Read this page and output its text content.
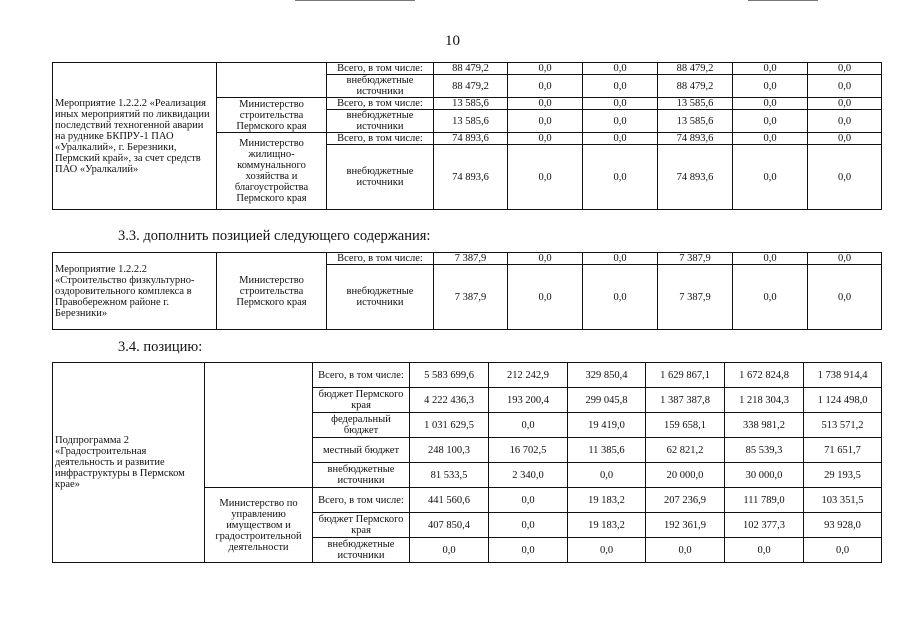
10
Мероприятие 1.2.2.2 «Реализация иных мероприятий по ликвидации последствий техногенной аварии на руднике БКПРУ-1 ПАО «Уралкалий», г. Березники, Пермский край», за счет средств ПАО «Уралкалий»		Всего, в том числе:	88 479,2	0,0	0,0	88 479,2	0,0	0,0
		внебюджетные источники	88 479,2	0,0	0,0	88 479,2	0,0	0,0
	Министерство строительства Пермского края	Всего, в том числе:	13 585,6	0,0	0,0	13 585,6	0,0	0,0
		внебюджетные источники	13 585,6	0,0	0,0	13 585,6	0,0	0,0
	Министерство жилищно-коммунального хозяйства и благоустройства Пермского края	Всего, в том числе:	74 893,6	0,0	0,0	74 893,6	0,0	0,0
		внебюджетные источники	74 893,6	0,0	0,0	74 893,6	0,0	0,0
3.3. дополнить позицией следующего содержания:
Мероприятие 1.2.2.2 «Строительство физкультурно-оздоровительного комплекса в Правобережном районе г. Березники»	Министерство строительства Пермского края	Всего, в том числе:	7 387,9	0,0	0,0	7 387,9	0,0	0,0
		внебюджетные источники	7 387,9	0,0	0,0	7 387,9	0,0	0,0
3.4. позицию:
Подпрограмма 2 «Градостроительная деятельность и развитие инфраструктуры в Пермском крае»		Всего, в том числе:	5 583 699,6	212 242,9	329 850,4	1 629 867,1	1 672 824,8	1 738 914,4
		бюджет Пермского края	4 222 436,3	193 200,4	299 045,8	1 387 387,8	1 218 304,3	1 124 498,0
		федеральный бюджет	1 031 629,5	0,0	19 419,0	159 658,1	338 981,2	513 571,2
		местный бюджет	248 100,3	16 702,5	11 385,6	62 821,2	85 539,3	71 651,7
		внебюджетные источники	81 533,5	2 340,0	0,0	20 000,0	30 000,0	29 193,5
	Министерство по управлению имуществом и градостроительной деятельности	Всего, в том числе:	441 560,6	0,0	19 183,2	207 236,9	111 789,0	103 351,5
		бюджет Пермского края	407 850,4	0,0	19 183,2	192 361,9	102 377,3	93 928,0
		внебюджетные источники	0,0	0,0	0,0	0,0	0,0	0,0
